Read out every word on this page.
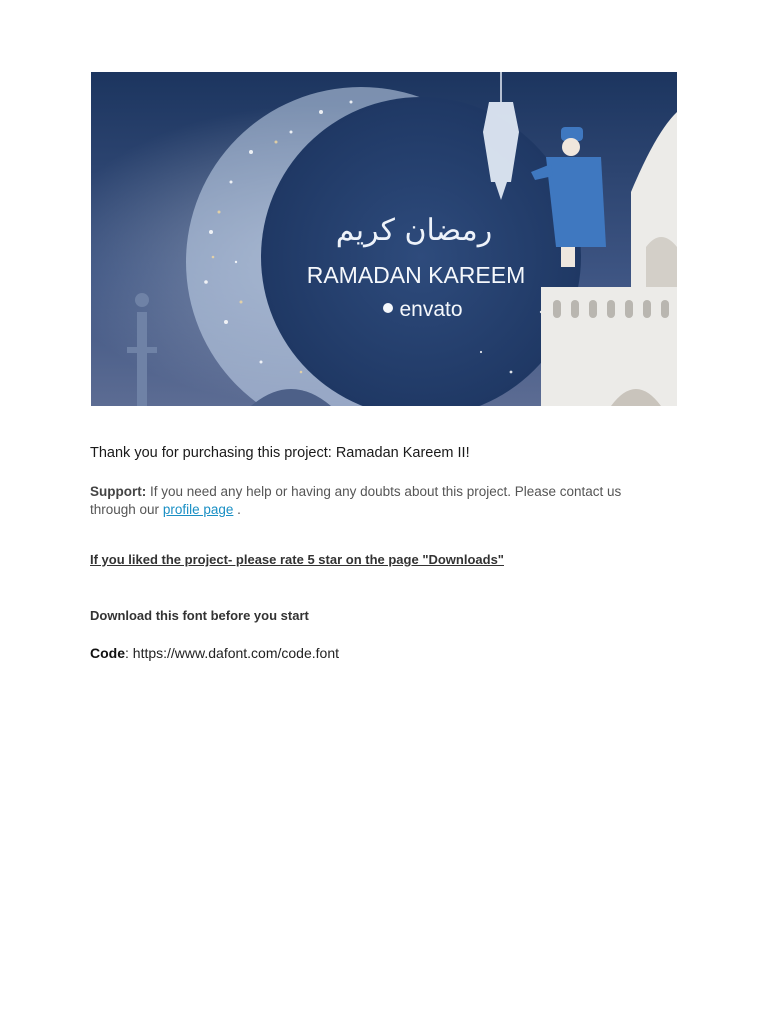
رمضان كريم
RAMADAN KAREEM
envato
Thank you for purchasing this project: Ramadan Kareem II!
Support: If you need any help or having any doubts about this project. Please contact us through our profile page .
If you liked the project- please rate 5 star on the page "Downloads"
Download this font before you start
Code: https://www.dafont.com/code.font
